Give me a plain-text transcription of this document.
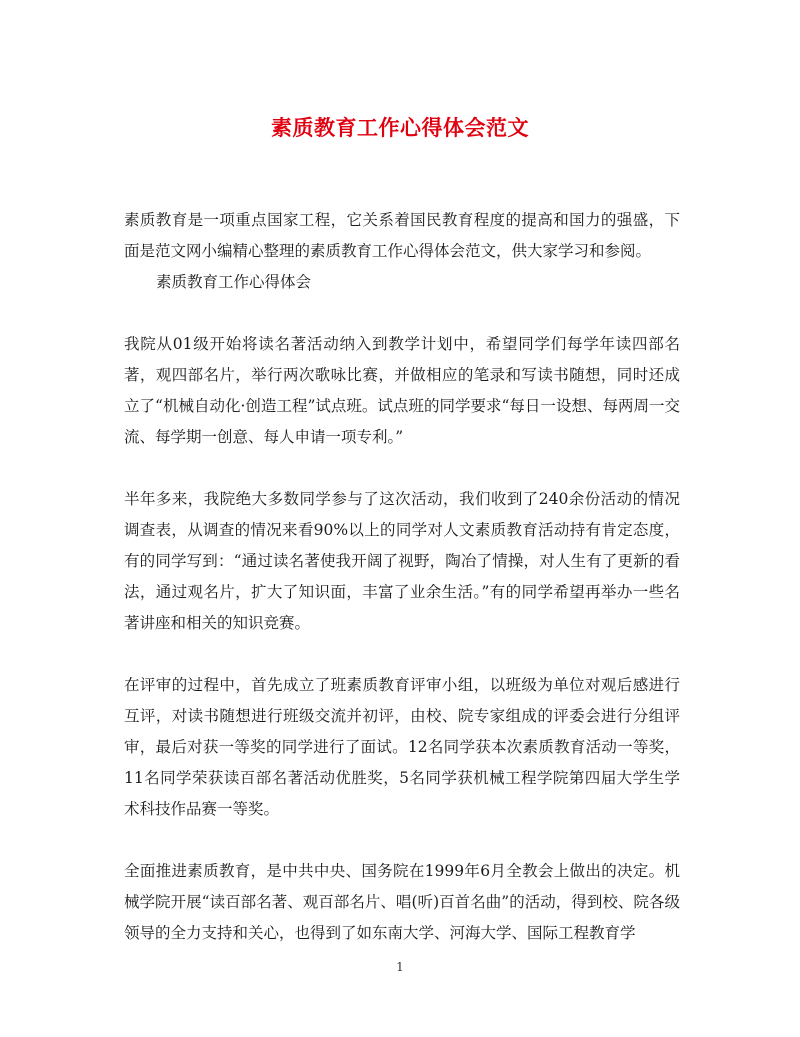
素质教育工作心得体会范文

素质教育是一项重点国家工程，它关系着国民教育程度的提高和国力的强盛，下面是范文网小编精心整理的素质教育工作心得体会范文，供大家学习和参阅。

素质教育工作心得体会

我院从01级开始将读名著活动纳入到教学计划中，希望同学们每学年读四部名著，观四部名片，举行两次歌咏比赛，并做相应的笔录和写读书随想，同时还成立了“机械自动化·创造工程”试点班。试点班的同学要求“每日一设想、每两周一交流、每学期一创意、每人申请一项专利。”

半年多来，我院绝大多数同学参与了这次活动，我们收到了240余份活动的情况调查表，从调查的情况来看90%以上的同学对人文素质教育活动持有肯定态度，有的同学写到：“通过读名著使我开阔了视野，陶冶了情操，对人生有了更新的看法，通过观名片，扩大了知识面，丰富了业余生活。”有的同学希望再举办一些名著讲座和相关的知识竞赛。

在评审的过程中，首先成立了班素质教育评审小组，以班级为单位对观后感进行互评，对读书随想进行班级交流并初评，由校、院专家组成的评委会进行分组评审，最后对获一等奖的同学进行了面试。12名同学获本次素质教育活动一等奖，11名同学荣获读百部名著活动优胜奖，5名同学获机械工程学院第四届大学生学术科技作品赛一等奖。

全面推进素质教育，是中共中央、国务院在1999年6月全教会上做出的决定。机械学院开展“读百部名著、观百部名片、唱(听)百首名曲”的活动，得到校、院各级领导的全力支持和关心，也得到了如东南大学、河海大学、国际工程教育学

1
